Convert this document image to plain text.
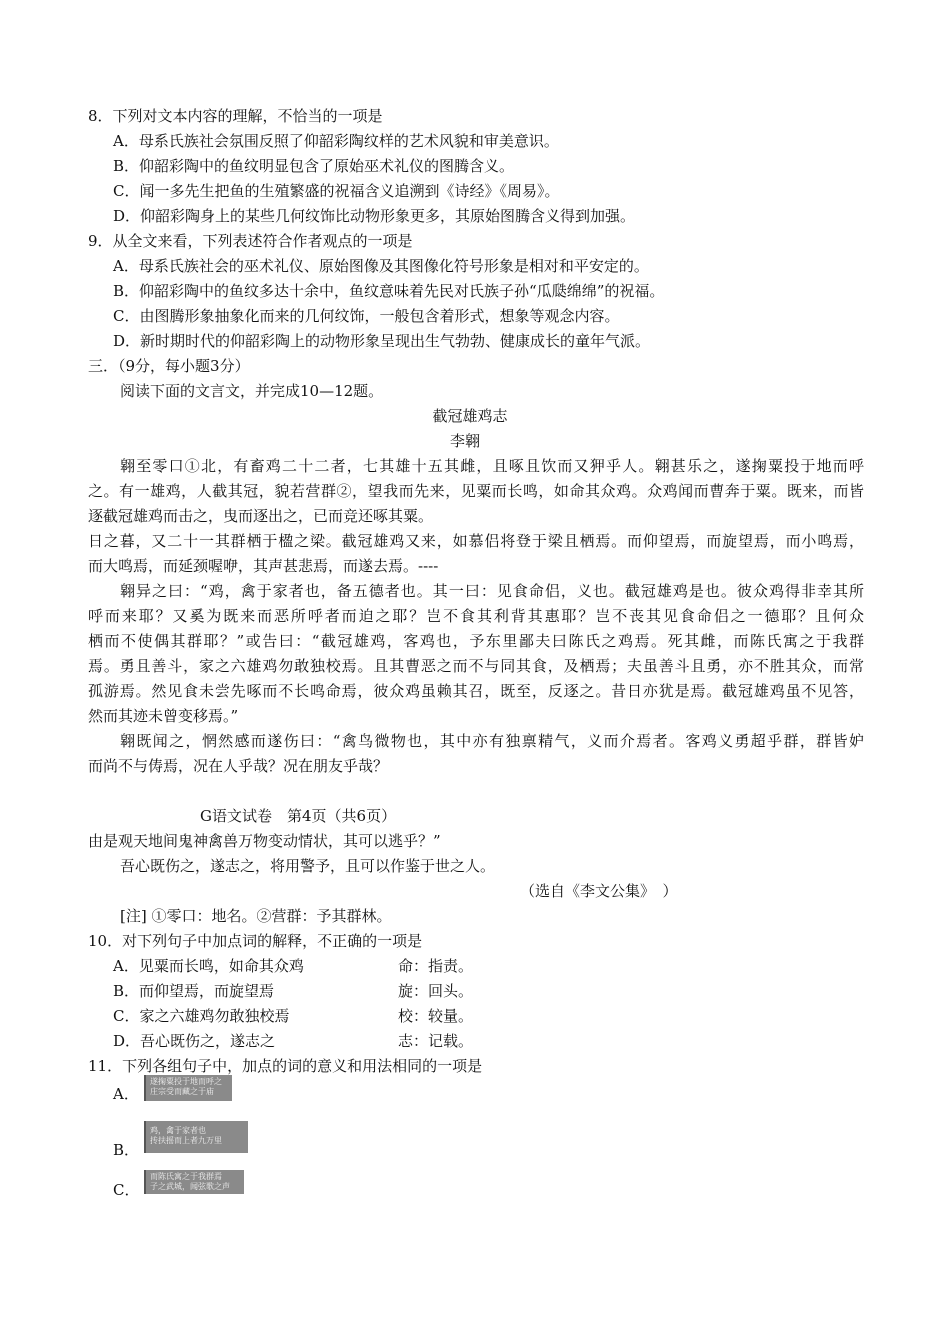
8．下列对文本内容的理解，不恰当的一项是
A．母系氏族社会氛围反照了仰韶彩陶纹样的艺术风貌和审美意识。
B．仰韶彩陶中的鱼纹明显包含了原始巫术礼仪的图腾含义。
C．闻一多先生把鱼的生殖繁盛的祝福含义追溯到《诗经》《周易》。
D．仰韶彩陶身上的某些几何纹饰比动物形象更多，其原始图腾含义得到加强。
9．从全文来看，下列表述符合作者观点的一项是
A．母系氏族社会的巫术礼仪、原始图像及其图像化符号形象是相对和平安定的。
B．仰韶彩陶中的鱼纹多达十余中，鱼纹意味着先民对氏族子孙“瓜瓞绵绵”的祝福。
C．由图腾形象抽象化而来的几何纹饰，一般包含着形式，想象等观念内容。
D．新时期时代的仰韶彩陶上的动物形象呈现出生气勃勃、健康成长的童年气派。
三．（9分，每小题3分）
阅读下面的文言文，并完成10—12题。
截冠雄鸡志
李翱
翱至零口①北，有畜鸡二十二者，七其雄十五其雌，且啄且饮而又狎乎人。翱甚乐之，遂掬粟投于地而呼
之。有一雄鸡，人截其冠，貌若营群②，望我而先来，见粟而长鸣，如命其众鸡。众鸡闻而曹奔于粟。既来，而皆
逐截冠雄鸡而击之，曳而逐出之，已而竞还啄其粟。
日之暮，又二十一其群栖于楹之梁。截冠雄鸡又来，如慕侣将登于梁且栖焉。而仰望焉，而旋望焉，而小鸣焉，
而大鸣焉，而延颈喔咿，其声甚悲焉，而遂去焉。----
翱异之曰：“鸡，禽于家者也，备五德者也。其一曰：见食命侣，义也。截冠雄鸡是也。彼众鸡得非幸其所
呼而来耶？又奚为既来而恶所呼者而迫之耶？岂不食其利背其惠耶？岂不丧其见食命侣之一德耶？且何众
栖而不使偶其群耶？”或告曰：“截冠雄鸡，客鸡也，予东里鄙夫曰陈氏之鸡焉。死其雌，而陈氏寓之于我群
焉。勇且善斗，家之六雄鸡勿敢独校焉。且其曹恶之而不与同其食，及栖焉；夫虽善斗且勇，亦不胜其众，而常
孤游焉。然见食未尝先啄而不长鸣命焉，彼众鸡虽赖其召，既至，反逐之。昔日亦犹是焉。截冠雄鸡虽不见答，
然而其迹未曾变移焉。”
翱既闻之，惘然感而遂伤曰：“禽鸟微物也，其中亦有独禀精气，义而介焉者。客鸡义勇超乎群，群皆妒
而尚不与俦焉，况在人乎哉？况在朋友乎哉？
G语文试卷　第4页（共6页）
由是观天地间鬼神禽兽万物变动情状，其可以逃乎？”
吾心既伤之，遂志之，将用警予，且可以作鉴于世之人。
（选自《李文公集》　）
[注] ①零口：地名。②营群：予其群林。
10．对下列句子中加点词的解释，不正确的一项是
A．见粟而长鸣，如命其众鸡	命：指责。
B．而仰望焉，而旋望焉	旋：回头。
C．家之六雄鸡勿敢独校焉	校：较量。
D．吾心既伤之，遂志之	志：记载。
11．下列各组句子中，加点的词的意义和用法相同的一项是
A．
遂掬粟投于地而呼之
庄宗受而藏之于庙
B．
鸡，禽于家者也
抟扶摇而上者九万里
C．
而陈氏寓之于我群焉
子之武城，闻弦歌之声
